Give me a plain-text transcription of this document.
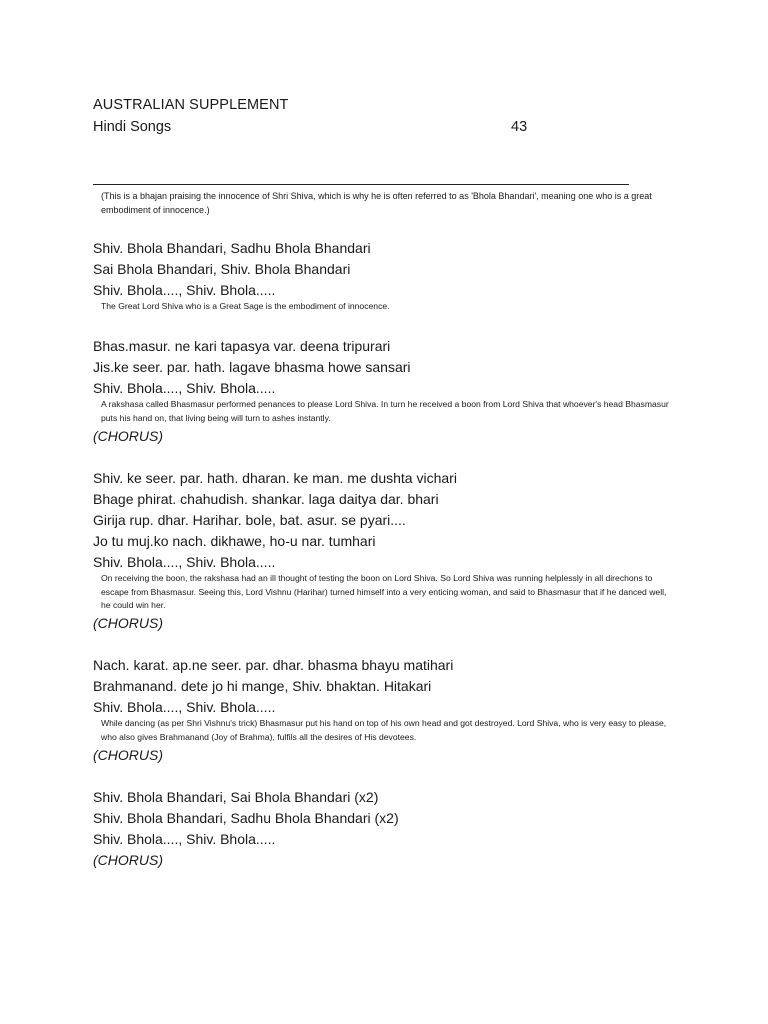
AUSTRALIAN SUPPLEMENT
Hindi Songs	43
(This is a bhajan praising the innocence of Shri Shiva, which is why he is often referred to as 'Bhola Bhandari', meaning one who is a great embodiment of innocence.)
Shiv. Bhola Bhandari, Sadhu Bhola Bhandari
Sai Bhola Bhandari, Shiv. Bhola Bhandari
Shiv. Bhola...., Shiv. Bhola.....
The Great Lord Shiva who is a Great Sage is the embodiment of innocence.
Bhas.masur. ne kari tapasya var. deena tripurari
Jis.ke seer. par. hath. lagave bhasma howe sansari
Shiv. Bhola...., Shiv. Bhola.....
A rakshasa called Bhasmasur performed penances to please Lord Shiva. In turn he received a boon from Lord Shiva that whoever's head Bhasmasur puts his hand on, that living being will turn to ashes instantly.
(CHORUS)
Shiv. ke seer. par. hath. dharan. ke man. me dushta vichari
Bhage phirat. chahudish. shankar. laga daitya dar. bhari
Girija rup. dhar. Harihar. bole, bat. asur. se pyari....
Jo tu muj.ko nach. dikhawe, ho-u nar. tumhari
Shiv. Bhola...., Shiv. Bhola.....
On receiving the boon, the rakshasa had an ill thought of testing the boon on Lord Shiva. So Lord Shiva was running helplessly in all direchons to escape from Bhasmasur. Seeing this, Lord Vishnu (Harihar) turned himself into a very enticing woman, and said to Bhasmasur that if he danced well, he could win her.
(CHORUS)
Nach. karat. ap.ne seer. par. dhar. bhasma bhayu matihari
Brahmanand. dete jo hi mange, Shiv. bhaktan. Hitakari
Shiv. Bhola...., Shiv. Bhola.....
While dancing (as per Shri Vishnu's trick) Bhasmasur put his hand on top of his own head and got destroyed. Lord Shiva, who is very easy to please, who also gives Brahmanand (Joy of Brahma), fulfils all the desires of His devotees.
(CHORUS)
Shiv. Bhola Bhandari, Sai Bhola Bhandari (x2)
Shiv. Bhola Bhandari, Sadhu Bhola Bhandari (x2)
Shiv. Bhola...., Shiv. Bhola.....
(CHORUS)
